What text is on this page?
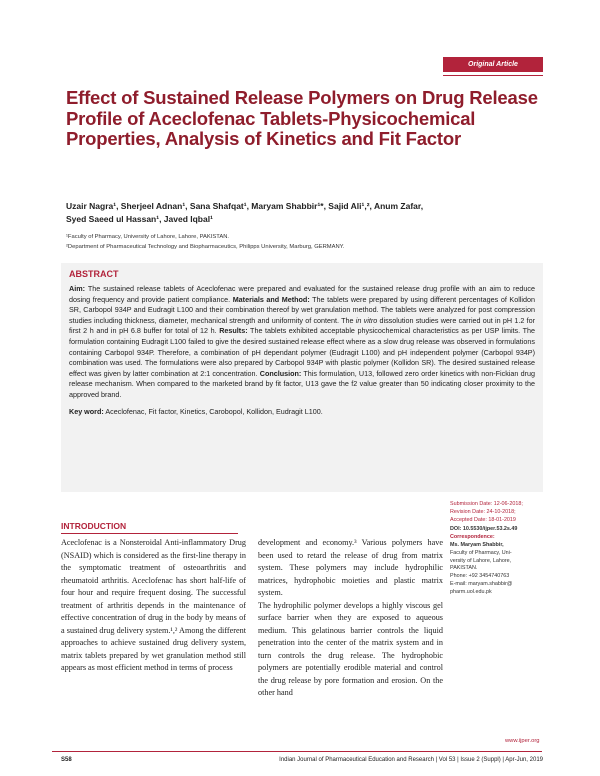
Original Article
Effect of Sustained Release Polymers on Drug Release Profile of Aceclofenac Tablets-Physicochemical Properties, Analysis of Kinetics and Fit Factor
Uzair Nagra¹, Sherjeel Adnan¹, Sana Shafqat¹, Maryam Shabbir¹*, Sajid Ali¹,², Anum Zafar,
Syed Saeed ul Hassan¹, Javed Iqbal¹
¹Faculty of Pharmacy, University of Lahore, Lahore, PAKISTAN.
²Department of Pharmaceutical Technology and Biopharmaceutics, Philipps University, Marburg, GERMANY.
ABSTRACT
Aim: The sustained release tablets of Aceclofenac were prepared and evaluated for the sustained release drug profile with an aim to reduce dosing frequency and provide patient compliance. Materials and Method: The tablets were prepared by using different percentages of Kollidon SR, Carbopol 934P and Eudragit L100 and their combination thereof by wet granulation method. The tablets were analyzed for post compression studies including thickness, diameter, mechanical strength and uniformity of content. The in vitro dissolution studies were carried out in pH 1.2 for first 2 h and in pH 6.8 buffer for total of 12 h. Results: The tablets exhibited acceptable physicochemical characteristics as per USP limits. The formulation containing Eudragit L100 failed to give the desired sustained release effect where as a slow drug release was observed in formulations containing Carbopol 934P. Therefore, a combination of pH dependant polymer (Eudragit L100) and pH independent polymer (Carbopol 934P) combination was used. The formulations were also prepared by Carbopol 934P with plastic polymer (Kollidon SR). The desired sustained release effect was given by latter combination at 2:1 concentration. Conclusion: This formulation, U13, followed zero order kinetics with non-Fickian drug release mechanism. When compared to the marketed brand by fit factor, U13 gave the f2 value greater than 50 indicating closer proximity to the approved brand.
Key word: Aceclofenac, Fit factor, Kinetics, Carobopol, Kollidon, Eudragit L100.
INTRODUCTION

Aceclofenac is a Nonsteroidal Anti-inflammatory Drug (NSAID) which is considered as the first-line therapy in the symptomatic treatment of osteoarthritis and rheumatoid arthritis. Aceclofenac has short half-life of four hour and require frequent dosing. The successful treatment of arthritis depends in the maintenance of effective concentration of drug in the body by means of a sustained drug delivery system.¹,² Among the different approaches to achieve sustained drug delivery system, matrix tablets prepared by wet granulation method still appears as most efficient method in terms of process

development and economy.³ Various polymers have been used to retard the release of drug from matrix system. These polymers may include hydrophilic matrices, hydrophobic moieties and plastic matrix system.

The hydrophilic polymer develops a highly viscous gel surface barrier when they are exposed to aqueous medium. This gelatinous barrier controls the liquid penetration into the center of the matrix system and in turn controls the drug release. The hydrophobic polymers are potentially erodible material and control the drug release by pore formation and erosion. On the other hand

Submission Date: 12-06-2018;
Revision Date: 24-10-2018;
Accepted Date: 18-01-2019
DOI: 10.5530/ijper.53.2s.49
Correspondence:
Ms. Maryam Shabbir,
Faculty of Pharmacy, Uni-
versity of Lahore, Lahore,
PAKISTAN.
Phone: +92 3454740763
E-mail: maryam.shabbir@
pharm.uol.edu.pk
www.ijper.org
S58	Indian Journal of Pharmaceutical Education and Research | Vol 53 | Issue 2 (Suppl) | Apr-Jun, 2019
